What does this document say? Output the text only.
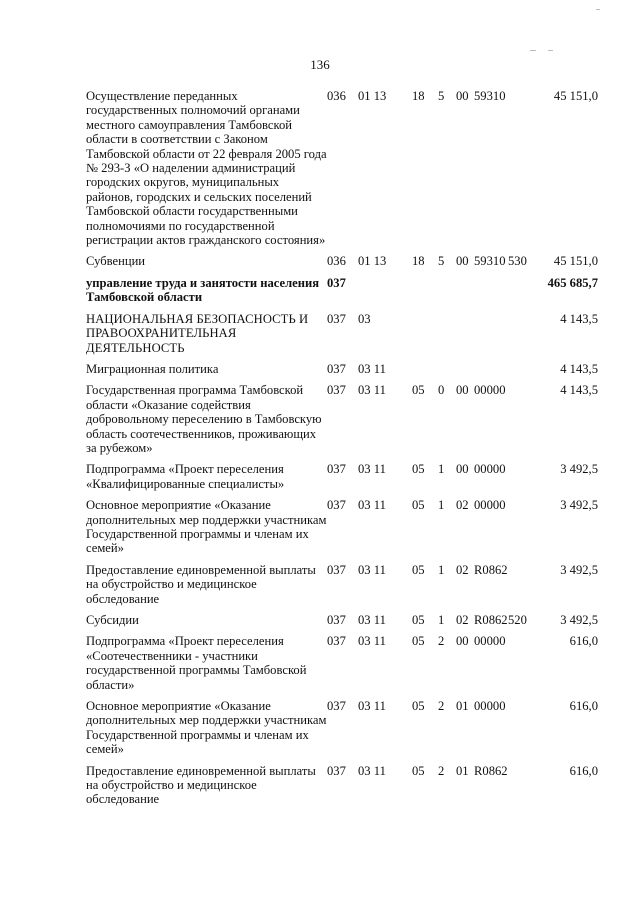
136
Осуществление переданных государственных полномочий органами местного самоуправления Тамбовской области в соответствии с Законом Тамбовской области от 22 февраля 2005 года № 293-З «О наделении администраций городских округов, муниципальных районов, городских и сельских поселений Тамбовской области государственными полномочиями по государственной регистрации актов гражданского состояния»	036	01 13	18 5 00 59310		45 151,0
Субвенции	036	01 13	18 5 00 59310	530	45 151,0
управление труда и занятости населения Тамбовской области	037				465 685,7
НАЦИОНАЛЬНАЯ БЕЗОПАСНОСТЬ И ПРАВООХРАНИТЕЛЬНАЯ ДЕЯТЕЛЬНОСТЬ	037	03			4 143,5
Миграционная политика	037	03 11			4 143,5
Государственная программа Тамбовской области «Оказание содействия добровольному переселению в Тамбовскую область соотечественников, проживающих за рубежом»	037	03 11	05 0 00 00000		4 143,5
Подпрограмма «Проект переселения «Квалифицированные специалисты»	037	03 11	05 1 00 00000		3 492,5
Основное мероприятие «Оказание дополнительных мер поддержки участникам Государственной программы и членам их семей»	037	03 11	05 1 02 00000		3 492,5
Предоставление единовременной выплаты на обустройство и медицинское обследование	037	03 11	05 1 02 R0862		3 492,5
Субсидии	037	03 11	05 1 02 R0862	520	3 492,5
Подпрограмма «Проект переселения «Соотечественники - участники государственной программы Тамбовской области»	037	03 11	05 2 00 00000		616,0
Основное мероприятие «Оказание дополнительных мер поддержки участникам Государственной программы и членам их семей»	037	03 11	05 2 01 00000		616,0
Предоставление единовременной выплаты на обустройство и медицинское обследование	037	03 11	05 2 01 R0862		616,0
